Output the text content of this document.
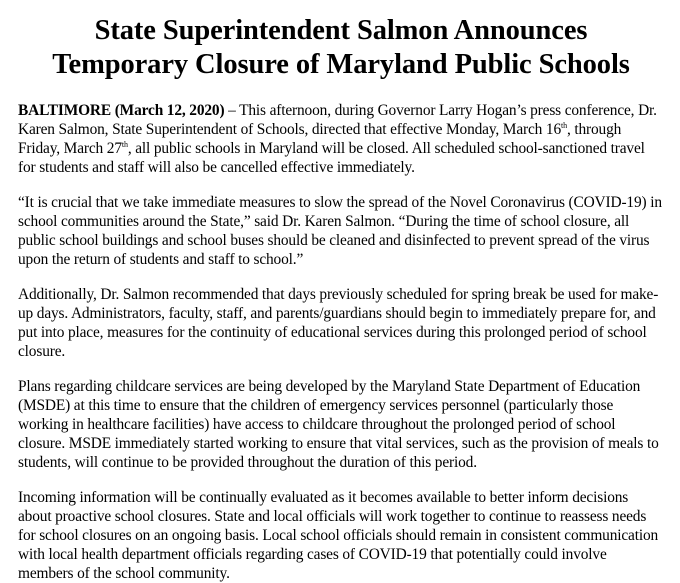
State Superintendent Salmon Announces
Temporary Closure of Maryland Public Schools

BALTIMORE (March 12, 2020) – This afternoon, during Governor Larry Hogan’s press conference, Dr. Karen Salmon, State Superintendent of Schools, directed that effective Monday, March 16th, through Friday, March 27th, all public schools in Maryland will be closed. All scheduled school-sanctioned travel for students and staff will also be cancelled effective immediately.

“It is crucial that we take immediate measures to slow the spread of the Novel Coronavirus (COVID-19) in school communities around the State,” said Dr. Karen Salmon. “During the time of school closure, all public school buildings and school buses should be cleaned and disinfected to prevent spread of the virus upon the return of students and staff to school.”

Additionally, Dr. Salmon recommended that days previously scheduled for spring break be used for make-up days. Administrators, faculty, staff, and parents/guardians should begin to immediately prepare for, and put into place, measures for the continuity of educational services during this prolonged period of school closure.

Plans regarding childcare services are being developed by the Maryland State Department of Education (MSDE) at this time to ensure that the children of emergency services personnel (particularly those working in healthcare facilities) have access to childcare throughout the prolonged period of school closure. MSDE immediately started working to ensure that vital services, such as the provision of meals to students, will continue to be provided throughout the duration of this period.

Incoming information will be continually evaluated as it becomes available to better inform decisions about proactive school closures. State and local officials will work together to continue to reassess needs for school closures on an ongoing basis. Local school officials should remain in consistent communication with local health department officials regarding cases of COVID-19 that potentially could involve members of the school community.
